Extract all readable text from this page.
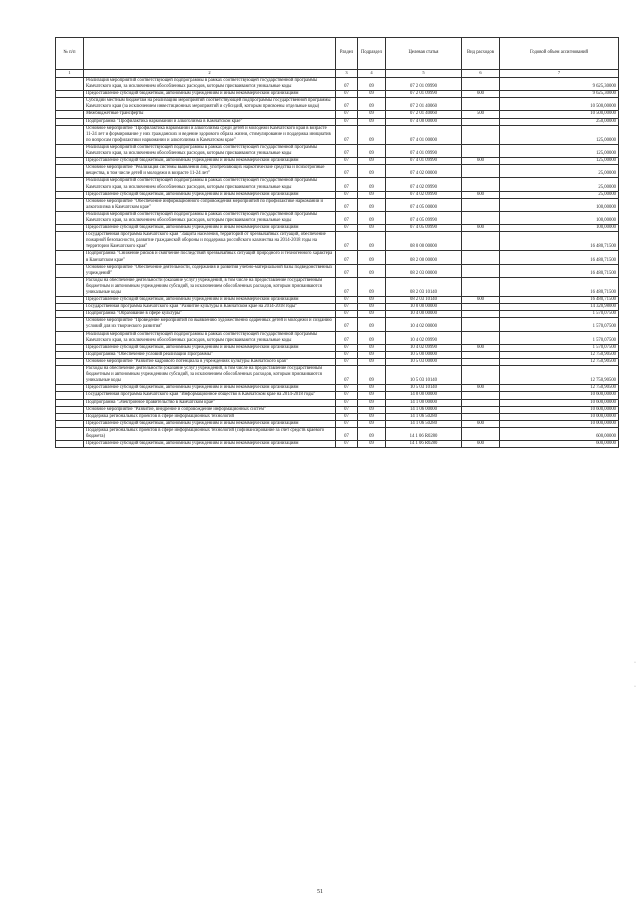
№ п/п		Раздел	Подраздел	Целевая статья	Вид расходов	Годовой объем ассигнований
1	2	3	4	5	6	7
	Реализация мероприятий соответствующей подпрограммы в рамках соответствующей государственной программы Камчатского края, за исключением обособленных расходов, которым присваиваются уникальные коды	07	09	07 2 01 09990		9 625,30000
	Предоставление субсидий бюджетным, автономным учреждениям и иным некоммерческим организациям	07	09	07 2 01 09990	600	9 625,30000
	Субсидии местным бюджетам на реализацию мероприятий соответствующей подпрограммы государственной программы Камчатского края (за исключением инвестиционных мероприятий и субсидий, которым присвоены отдельные коды)	07	09	07 2 01 40060		10 500,00000
	Межбюджетные трансферты	07	09	07 2 01 40060	500	10 500,00000
	Подпрограмма "Профилактика наркомании и алкоголизма в Камчатском крае"	07	09	07 4 00 00000		250,00000
	Основное мероприятие "Профилактика наркомании и алкоголизма среди детей и молодежи Камчатского края в возрасте 11-24 лет и формирование у них гражданских и ведение здорового образа жизни, стимулирование и поддержка инициатив по вопросам профилактики наркомании и алкоголизма в Камчатском крае"	07	09	07 4 01 00000		125,00000
	Реализация мероприятий соответствующей подпрограммы в рамках соответствующей государственной программы Камчатского края, за исключением обособленных расходов, которым присваиваются уникальные коды	07	09	07 4 01 09990		125,00000
	Предоставление субсидий бюджетным, автономным учреждениям и иным некоммерческим организациям	07	09	07 4 01 09990	600	125,00000
	Основное мероприятие "Реализация системы выявления лиц, употребляющих наркотические средства и психотропные вещества, в том числе детей и молодежи в возрасте 11-24 лет"	07	09	07 4 02 00000		25,00000
	Реализация мероприятий соответствующей подпрограммы в рамках соответствующей государственной программы Камчатского края, за исключением обособленных расходов, которым присваиваются уникальные коды	07	09	07 4 02 09990		25,00000
	Предоставление субсидий бюджетным, автономным учреждениям и иным некоммерческим организациям	07	09	07 4 02 09990	600	25,00000
	Основное мероприятие "Обеспечение информационного сопровождения мероприятий по профилактике наркомании и алкоголизма в Камчатском крае"	07	09	07 4 05 00000		100,00000
	Реализация мероприятий соответствующей подпрограммы в рамках соответствующей государственной программы Камчатского края, за исключением обособленных расходов, которым присваиваются уникальные коды	07	09	07 4 05 09990		100,00000
	Предоставление субсидий бюджетным, автономным учреждениям и иным некоммерческим организациям	07	09	07 4 05 09990	600	100,00000
	Государственная программа Камчатского края "Защита населения, территорий от чрезвычайных ситуаций, обеспечение пожарной безопасности, развитие гражданской обороны и поддержка российского казачества на 2014-2018 годы на территории Камчатского края"	07	09	08 0 00 00000		16 480,71500
	Подпрограмма "Снижение рисков и смягчение последствий чрезвычайных ситуаций природного и техногенного характера в Камчатском крае"	07	09	08 2 00 00000		16 480,71500
	Основное мероприятие "Обеспечение деятельности, содержания и развития учебно-материальной базы подведомственных учреждений"	07	09	08 2 03 00000		16 480,71500
	Расходы на обеспечение деятельности (оказание услуг) учреждений, в том числе на предоставление государственным бюджетным и автономным учреждениям субсидий, за исключением обособленных расходов, которым присваиваются уникальные коды	07	09	08 2 03 10140		16 480,71500
	Предоставление субсидий бюджетным, автономным учреждениям и иным некоммерческим организациям	07	09	08 2 03 10140	600	16 480,71500
	Государственная программа Камчатского края "Развитие культуры в Камчатском крае на 2014-2018 годы"	07	09	10 0 00 00000		14 320,98000
	Подпрограмма "Образование в сфере культуры"	07	09	10 4 00 00000		1 570,07500
	Основное мероприятие "Проведение мероприятий по выявлению художественно одаренных детей и молодежи и созданию условий для их творческого развития"	07	09	10 4 02 00000		1 570,07500
	Реализация мероприятий соответствующей подпрограммы в рамках соответствующей государственной программы Камчатского края, за исключением обособленных расходов, которым присваиваются уникальные коды	07	09	10 4 02 09990		1 570,07500
	Предоставление субсидий бюджетным, автономным учреждениям и иным некоммерческим организациям	07	09	10 4 02 09990	600	1 570,07500
	Подпрограмма "Обеспечение условий реализации Программы"	07	09	10 5 00 00000		12 750,90500
	Основное мероприятие "Развитие кадрового потенциала в учреждениях культуры Камчатского края"	07	09	10 5 03 00000		12 750,90500
	Расходы на обеспечение деятельности (оказание услуг) учреждений, в том числе на предоставление государственным бюджетным и автономным учреждениям субсидий, за исключением обособленных расходов, которым присваиваются уникальные коды	07	09	10 5 03 10140		12 750,90500
	Предоставление субсидий бюджетным, автономным учреждениям и иным некоммерческим организациям	07	09	10 5 03 10140	600	12 750,90500
	Государственная программа Камчатского края "Информационное общество в Камчатском крае на 2014-2018 годы"	07	09	14 0 00 00000		10 600,00000
	Подпрограмма "Электронное правительство в Камчатском крае"	07	09	14 1 00 00000		10 600,00000
	Основное мероприятие "Развитие, внедрение и сопровождение информационных систем"	07	09	14 1 06 00000		10 600,00000
	Поддержка региональных проектов в сфере информационных технологий	07	09	14 1 06 50280		10 000,00000
	Предоставление субсидий бюджетным, автономным учреждениям и иным некоммерческим организациям	07	09	14 1 06 50280	600	10 000,00000
	Поддержка региональных проектов в сфере информационных технологий (софинансирование за счет средств краевого бюджета)	07	09	14 1 06 R0280		600,00000
	Предоставление субсидий бюджетным, автономным учреждениям и иным некоммерческим организациям	07	09	14 1 06 R0280	600	600,00000
51
·
·
